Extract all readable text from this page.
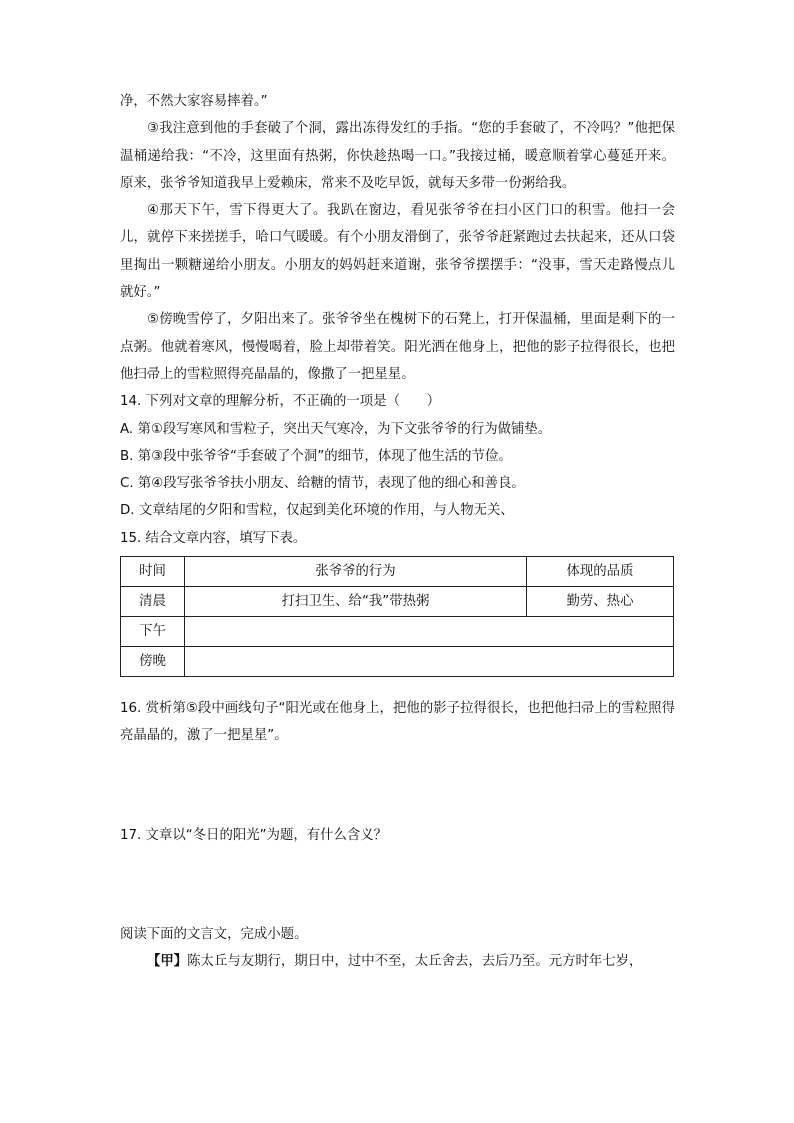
净，不然大家容易摔着。”

③我注意到他的手套破了个洞，露出冻得发红的手指。“您的手套破了，不冷吗？”他把保温桶递给我：“不冷，这里面有热粥，你快趁热喝一口。”我接过桶，暖意顺着掌心蔓延开来。原来，张爷爷知道我早上爱赖床，常来不及吃早饭，就每天多带一份粥给我。

④那天下午，雪下得更大了。我趴在窗边，看见张爷爷在扫小区门口的积雪。他扫一会儿，就停下来搓搓手，哈口气暖暖。有个小朋友滑倒了，张爷爷赶紧跑过去扶起来，还从口袋里掏出一颗糖递给小朋友。小朋友的妈妈赶来道谢，张爷爷摆摆手：“没事，雪天走路慢点儿就好。”

⑤傍晚雪停了，夕阳出来了。张爷爷坐在槐树下的石凳上，打开保温桶，里面是剩下的一点粥。他就着寒风，慢慢喝着，脸上却带着笑。阳光洒在他身上，把他的影子拉得很长，也把他扫帚上的雪粒照得亮晶晶的，像撒了一把星星。

14. 下列对文章的理解分析，不正确的一项是（　　）

A. 第①段写寒风和雪粒子，突出天气寒冷，为下文张爷爷的行为做铺垫。

B. 第③段中张爷爷“手套破了个洞”的细节，体现了他生活的节俭。

C. 第④段写张爷爷扶小朋友、给糖的情节，表现了他的细心和善良。

D. 文章结尾的夕阳和雪粒，仅起到美化环境的作用，与人物无关、

15. 结合文章内容，填写下表。

时间	张爷爷的行为	体现的品质
清晨	打扫卫生、给“我”带热粥	勤劳、热心
下午		
傍晚		

16. 赏析第⑤段中画线句子“阳光或在他身上，把他的影子拉得很长，也把他扫帚上的雪粒照得亮晶晶的，激了一把星星”。

17. 文章以“冬日的阳光”为题，有什么含义？

阅读下面的文言文，完成小题。

【甲】陈太丘与友期行，期日中，过中不至，太丘舍去，去后乃至。元方时年七岁，
